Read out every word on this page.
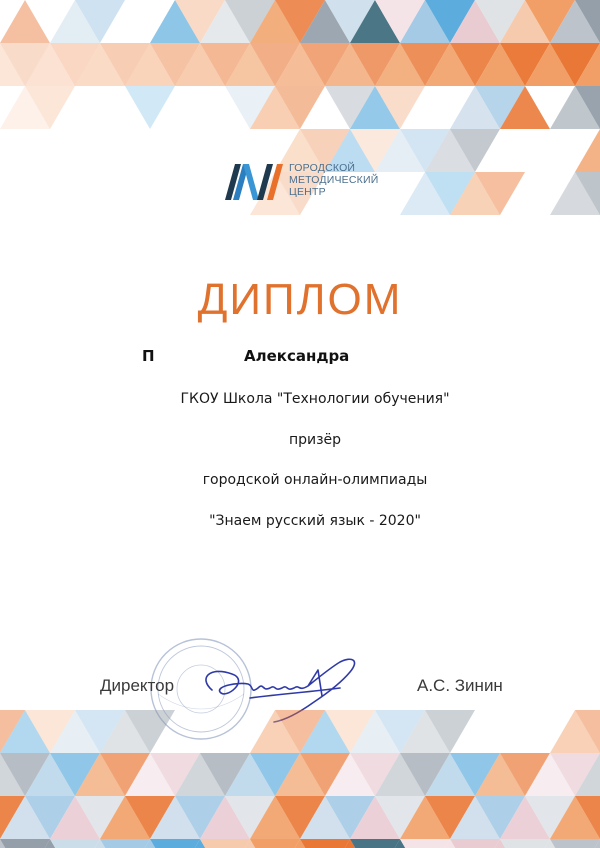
ГОРОДСКОЙ
МЕТОДИЧЕСКИЙ
ЦЕНТР
ДИПЛОМ
П	Александра
ГКОУ Школа "Технологии обучения"
призёр
городской онлайн-олимпиады
"Знаем русский язык - 2020"
Директор	А.С. Зинин
